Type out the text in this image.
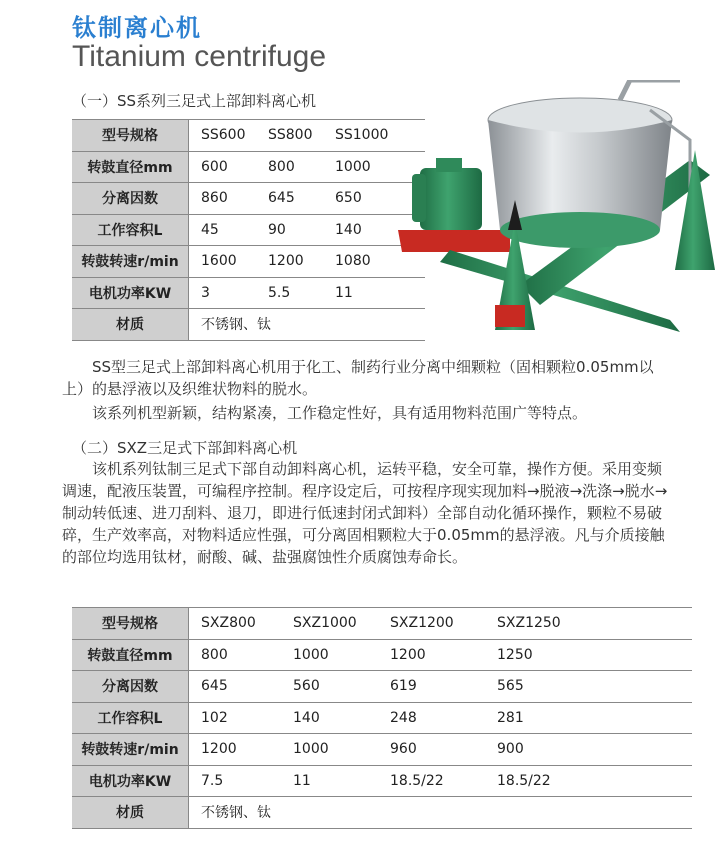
钛制离心机
Titanium centrifuge
（一）SS系列三足式上部卸料离心机
型号规格	SS600	SS800	SS1000
转鼓直径mm	600	800	1000
分离因数	860	645	650
工作容积L	45	90	140
转鼓转速r/min	1600	1200	1080
电机功率KW	3	5.5	11
材质	不锈钢、钛		
SS型三足式上部卸料离心机用于化工、制药行业分离中细颗粒（固相颗粒0.05mm以上）的悬浮液以及织维状物料的脱水。
该系列机型新颖，结构紧凑，工作稳定性好，具有适用物料范围广等特点。
（二）SXZ三足式下部卸料离心机
该机系列钛制三足式下部自动卸料离心机，运转平稳，安全可靠，操作方便。采用变频调速，配液压装置，可编程序控制。程序设定后，可按程序现实现加料→脱液→洗涤→脱水→制动转低速、进刀刮料、退刀，即进行低速封闭式卸料）全部自动化循环操作，颗粒不易破碎，生产效率高，对物料适应性强，可分离固相颗粒大于0.05mm的悬浮液。凡与介质接触的部位均选用钛材，耐酸、碱、盐强腐蚀性介质腐蚀寿命长。
型号规格	SXZ800	SXZ1000	SXZ1200	SXZ1250
转鼓直径mm	800	1000	1200	1250
分离因数	645	560	619	565
工作容积L	102	140	248	281
转鼓转速r/min	1200	1000	960	900
电机功率KW	7.5	11	18.5/22	18.5/22
材质	不锈钢、钛			
